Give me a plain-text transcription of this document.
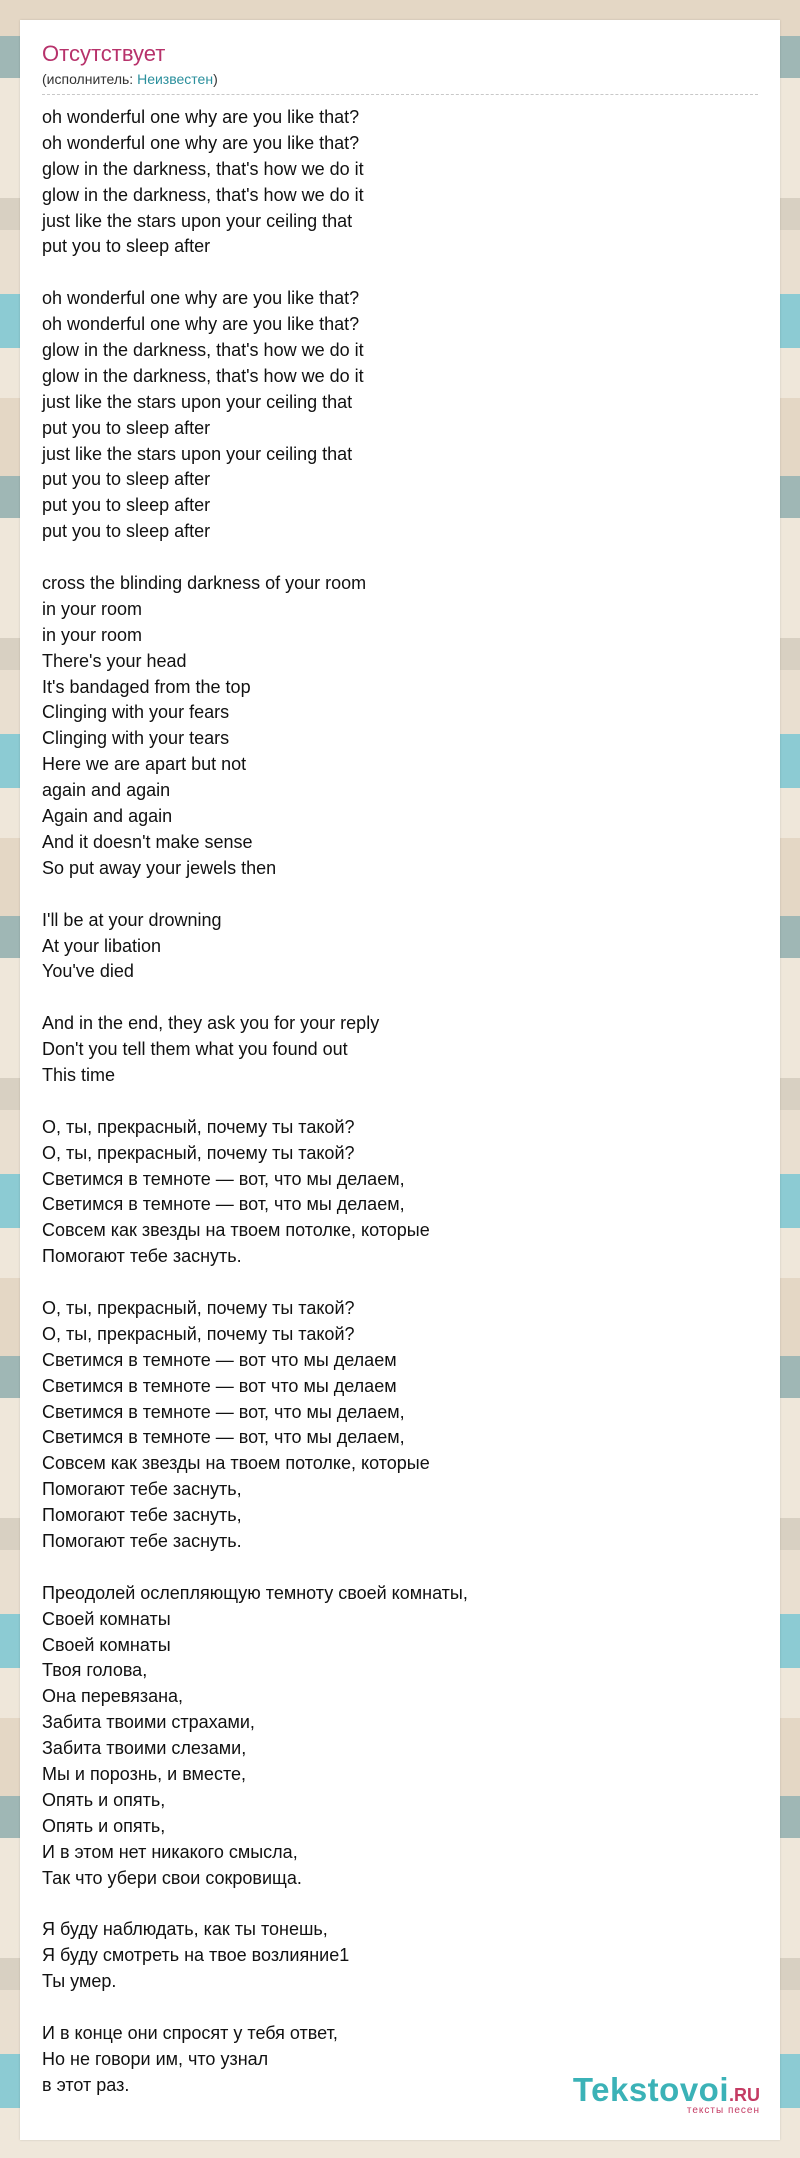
Отсутствует
(исполнитель: Неизвестен)
oh wonderful one why are you like that?
oh wonderful one why are you like that?
glow in the darkness, that's how we do it
glow in the darkness, that's how we do it
just like the stars upon your ceiling that
put you to sleep after
oh wonderful one why are you like that?
oh wonderful one why are you like that?
glow in the darkness, that's how we do it
glow in the darkness, that's how we do it
just like the stars upon your ceiling that
put you to sleep after
just like the stars upon your ceiling that
put you to sleep after
put you to sleep after
put you to sleep after
cross the blinding darkness of your room
in your room
in your room
There's your head
It's bandaged from the top
Clinging with your fears
Clinging with your tears
Here we are apart but not
again and again
Again and again
And it doesn't make sense
So put away your jewels then
I'll be at your drowning
At your libation
You've died
And in the end, they ask you for your reply
Don't you tell them what you found out
This time
О, ты, прекрасный, почему ты такой?
О, ты, прекрасный, почему ты такой?
Светимся в темноте — вот, что мы делаем,
Светимся в темноте — вот, что мы делаем,
Совсем как звезды на твоем потолке, которые
Помогают тебе заснуть.
О, ты, прекрасный, почему ты такой?
О, ты, прекрасный, почему ты такой?
Светимся в темноте — вот что мы делаем
Светимся в темноте — вот что мы делаем
Светимся в темноте — вот, что мы делаем,
Светимся в темноте — вот, что мы делаем,
Совсем как звезды на твоем потолке, которые
Помогают тебе заснуть,
Помогают тебе заснуть,
Помогают тебе заснуть.
Преодолей ослепляющую темноту своей комнаты,
Своей комнаты
Своей комнаты
Твоя голова,
Она перевязана,
Забита твоими страхами,
Забита твоими слезами,
Мы и порознь, и вместе,
Опять и опять,
Опять и опять,
И в этом нет никакого смысла,
Так что убери свои сокровища.
Я буду наблюдать, как ты тонешь,
Я буду смотреть на твое возлияние1
Ты умер.
И в конце они спросят у тебя ответ,
Но не говори им, что узнал
в этот раз.	Tekstovoi.RU
тексты песен
